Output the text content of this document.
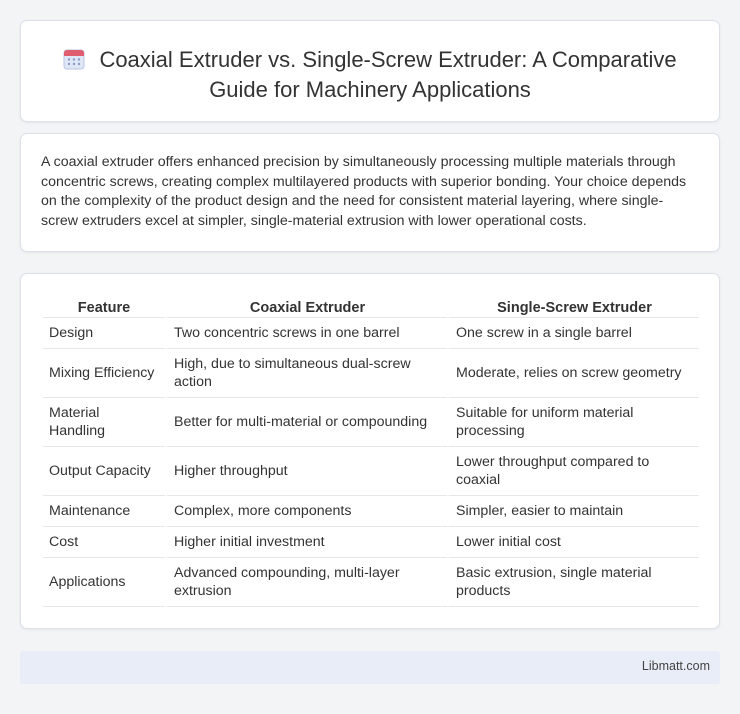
Coaxial Extruder vs. Single-Screw Extruder: A Comparative Guide for Machinery Applications

A coaxial extruder offers enhanced precision by simultaneously processing multiple materials through concentric screws, creating complex multilayered products with superior bonding. Your choice depends on the complexity of the product design and the need for consistent material layering, where single-screw extruders excel at simpler, single-material extrusion with lower operational costs.

Feature	Coaxial Extruder	Single-Screw Extruder
Design	Two concentric screws in one barrel	One screw in a single barrel
Mixing Efficiency	High, due to simultaneous dual-screw action	Moderate, relies on screw geometry
Material Handling	Better for multi-material or compounding	Suitable for uniform material processing
Output Capacity	Higher throughput	Lower throughput compared to coaxial
Maintenance	Complex, more components	Simpler, easier to maintain
Cost	Higher initial investment	Lower initial cost
Applications	Advanced compounding, multi-layer extrusion	Basic extrusion, single material products
Libmatt.com
